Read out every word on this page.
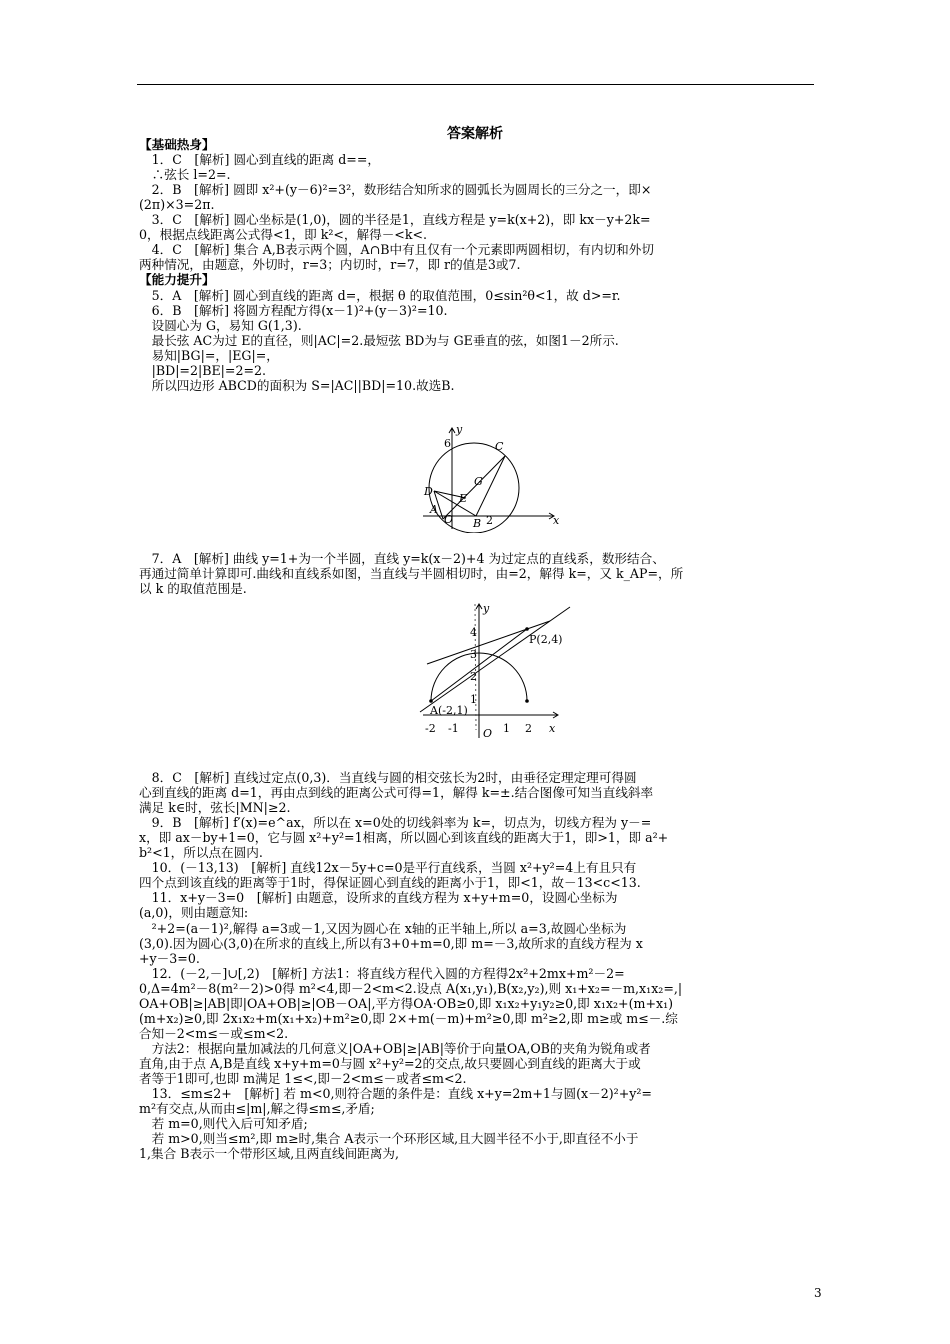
答案解析
【基础热身】
　1．C　[解析] 圆心到直线的距离 d==，
　∴弦长 l=2=.
　2．B　[解析] 圆即 x²+(y－6)²=3²，数形结合知所求的圆弧长为圆周长的三分之一，即×
(2π)×3=2π.
　3．C　[解析] 圆心坐标是(1,0)，圆的半径是1，直线方程是 y=k(x+2)，即 kx－y+2k=
0，根据点线距离公式得<1，即 k²<，解得－<k<.
　4．C　[解析] 集合 A,B表示两个圆，A∩B中有且仅有一个元素即两圆相切，有内切和外切
两种情况，由题意，外切时，r=3；内切时，r=7，即 r的值是3或7.
【能力提升】
　5．A　[解析] 圆心到直线的距离 d=，根据 θ 的取值范围，0≤sin²θ<1，故 d>=r.
　6．B　[解析] 将圆方程配方得(x－1)²+(y－3)²=10.
　设圆心为 G，易知 G(1,3).
　最长弦 AC为过 E的直径，则|AC|=2.最短弦 BD为与 GE垂直的弦，如图1－2所示.
　易知|BG|=，|EG|=，
　|BD|=2|BE|=2=2.
　所以四边形 ABCD的面积为 S=|AC||BD|=10.故选B.
y
6	C
G
D
E
A
O B 2	x
　7．A　[解析] 曲线 y=1+为一个半圆，直线 y=k(x－2)+4 为过定点的直线系，数形结合、
再通过简单计算即可.曲线和直线系如图，当直线与半圆相切时，由=2，解得 k=，又 k_AP=，所
以 k 的取值范围是.
y
4
3
2
1
P(2,4)
A(-2,1)
-2 -1 O 1 2 x
　8．C　[解析] 直线过定点(0,3)．当直线与圆的相交弦长为2时，由垂径定理定理可得圆
心到直线的距离 d=1，再由点到线的距离公式可得=1，解得 k=±.结合图像可知当直线斜率
满足 k∈时，弦长|MN|≥2.
　9．B　[解析] f′(x)=e^ax，所以在 x=0处的切线斜率为 k=，切点为，切线方程为 y－=
x，即 ax－by+1=0，它与圆 x²+y²=1相离，所以圆心到该直线的距离大于1，即>1，即 a²+
b²<1，所以点在圆内.
　10．(－13,13)　[解析] 直线12x－5y+c=0是平行直线系，当圆 x²+y²=4上有且只有
四个点到该直线的距离等于1时，得保证圆心到直线的距离小于1，即<1，故－13<c<13.
　11．x+y－3=0　[解析] 由题意，设所求的直线方程为 x+y+m=0，设圆心坐标为
(a,0)，则由题意知:
　²+2=(a－1)²,解得 a=3或－1,又因为圆心在 x轴的正半轴上,所以 a=3,故圆心坐标为
(3,0).因为圆心(3,0)在所求的直线上,所以有3+0+m=0,即 m=－3,故所求的直线方程为 x
+y－3=0.
　12．(－2,－]∪[,2)　[解析] 方法1：将直线方程代入圆的方程得2x²+2mx+m²－2=
0,Δ=4m²－8(m²－2)>0得 m²<4,即－2<m<2.设点 A(x₁,y₁),B(x₂,y₂),则 x₁+x₂=－m,x₁x₂=,|
OA+OB|≥|AB|即|OA+OB|≥|OB－OA|,平方得OA·OB≥0,即 x₁x₂+y₁y₂≥0,即 x₁x₂+(m+x₁)
(m+x₂)≥0,即 2x₁x₂+m(x₁+x₂)+m²≥0,即 2×+m(－m)+m²≥0,即 m²≥2,即 m≥或 m≤－.综
合知－2<m≤－或≤m<2.
　方法2：根据向量加减法的几何意义|OA+OB|≥|AB|等价于向量OA,OB的夹角为锐角或者
直角,由于点 A,B是直线 x+y+m=0与圆 x²+y²=2的交点,故只要圆心到直线的距离大于或
者等于1即可,也即 m满足 1≤<,即－2<m≤－或者≤m<2.
　13．≤m≤2+　[解析] 若 m<0,则符合题的条件是：直线 x+y=2m+1与圆(x－2)²+y²=
m²有交点,从而由≤|m|,解之得≤m≤,矛盾;
　若 m=0,则代入后可知矛盾;
　若 m>0,则当≤m²,即 m≥时,集合 A表示一个环形区域,且大圆半径不小于,即直径不小于
1,集合 B表示一个带形区域,且两直线间距离为,
3
